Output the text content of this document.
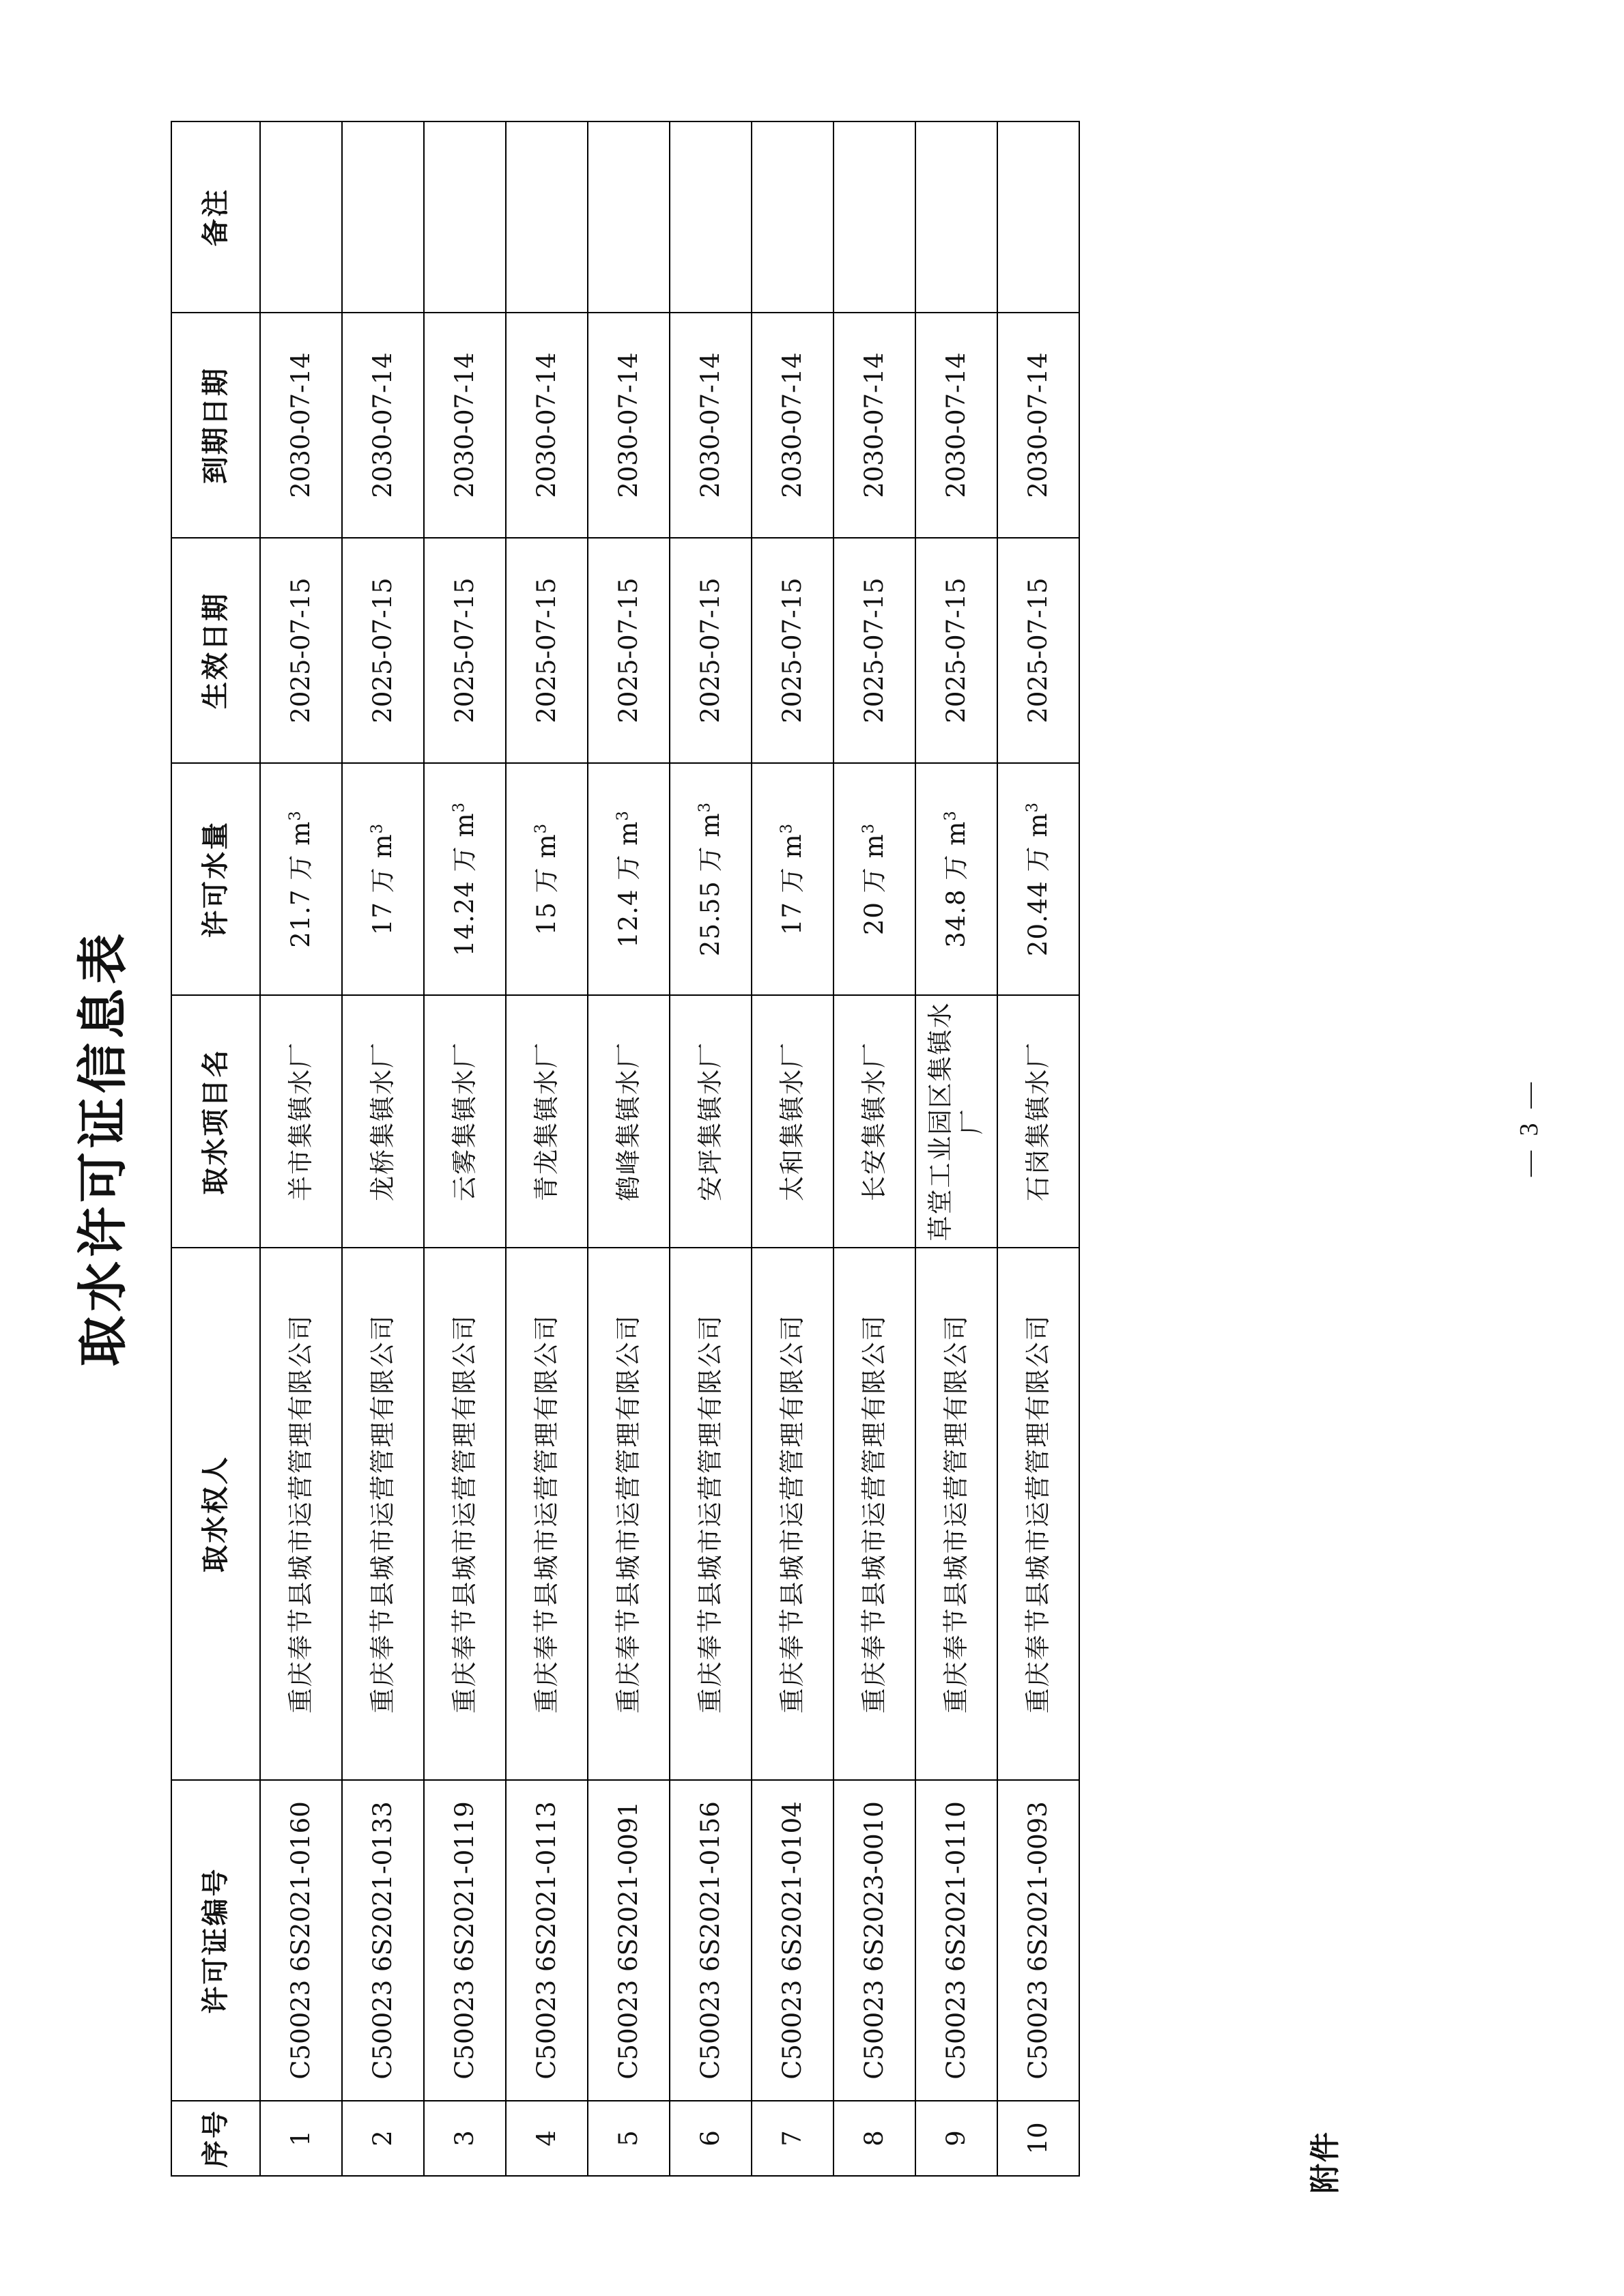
附件
取水许可证信息表	— 3 —
序号	许可证编号	取水权人	取水项目名	许可水量	生效日期	到期日期	备注
1	C50023 6S2021-0160	重庆奉节县城市运营管理有限公司	羊市集镇水厂	21.7 万 $m^3$	2025-07-15	2030-07-14	
2	C50023 6S2021-0133	重庆奉节县城市运营管理有限公司	龙桥集镇水厂	17 万 $m^3$	2025-07-15	2030-07-14	
3	C50023 6S2021-0119	重庆奉节县城市运营管理有限公司	云雾集镇水厂	14.24 万 $m^3$	2025-07-15	2030-07-14	
4	C50023 6S2021-0113	重庆奉节县城市运营管理有限公司	青龙集镇水厂	15 万 $m^3$	2025-07-15	2030-07-14	
5	C50023 6S2021-0091	重庆奉节县城市运营管理有限公司	鹤峰集镇水厂	12.4 万 $m^3$	2025-07-15	2030-07-14	
6	C50023 6S2021-0156	重庆奉节县城市运营管理有限公司	安坪集镇水厂	25.55 万 $m^3$	2025-07-15	2030-07-14	
7	C50023 6S2021-0104	重庆奉节县城市运营管理有限公司	太和集镇水厂	17 万 $m^3$	2025-07-15	2030-07-14	
8	C50023 6S2023-0010	重庆奉节县城市运营管理有限公司	长安集镇水厂	20 万 $m^3$	2025-07-15	2030-07-14	
9	C50023 6S2021-0110	重庆奉节县城市运营管理有限公司	草堂工业园区集镇水厂	34.8 万 $m^3$	2025-07-15	2030-07-14	
10	C50023 6S2021-0093	重庆奉节县城市运营管理有限公司	石岗集镇水厂	20.44 万 $m^3$	2025-07-15	2030-07-14	
